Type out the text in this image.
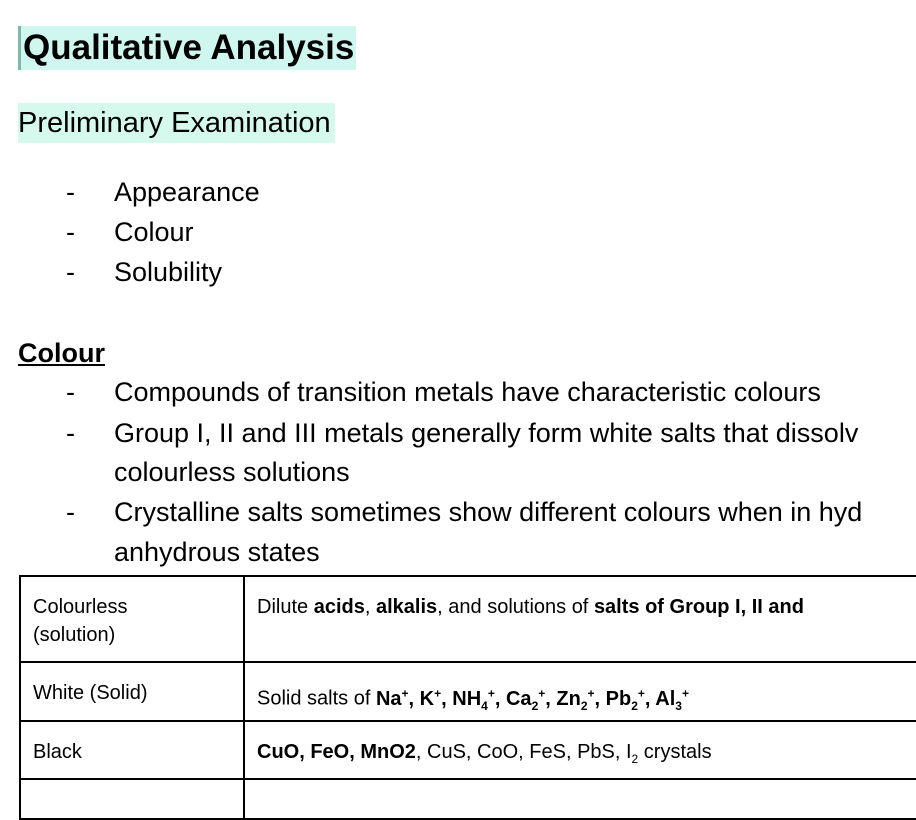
Qualitative Analysis
Preliminary Examination
- Appearance
- Colour
- Solubility
Colour
- Compounds of transition metals have characteristic colours
- Group I, II and III metals generally form white salts that dissolv
colourless solutions
- Crystalline salts sometimes show different colours when in hyd
anhydrous states
Colourless
(solution)	Dilute acids, alkalis, and solutions of salts of Group I, II and
White (Solid)	Solid salts of Na+, K+, $NH_4^+$, $Ca_2^+$, $Zn_2^+$, $Pb_2^+$, $Al_3^+$
Black	CuO, FeO, MnO2, CuS, CoO, FeS, PbS, $I_2$ crystals
